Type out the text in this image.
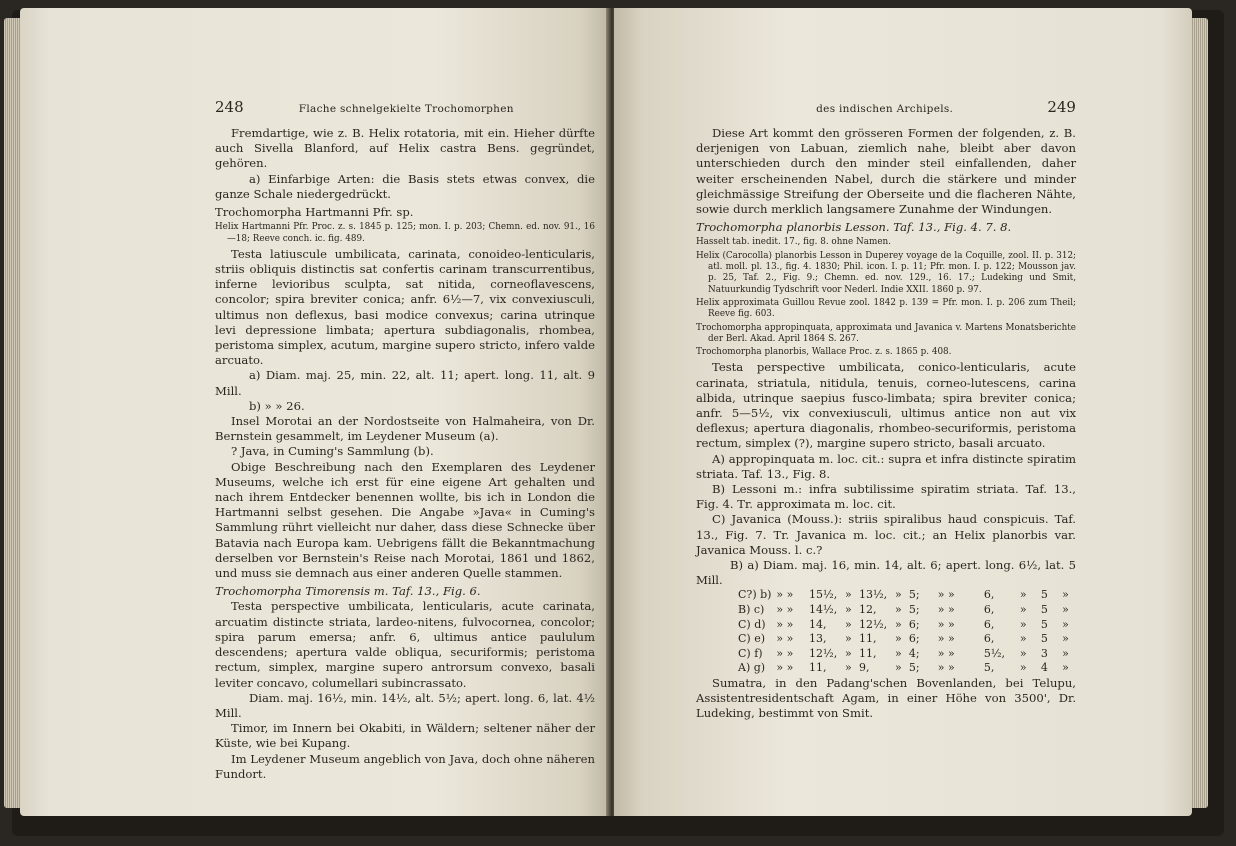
248	Flache schnelgekielte Trochomorphen

Fremdartige, wie z. B. Helix rotatoria, mit ein. Hieher dürfte auch Sivella Blanford, auf Helix castra Bens. gegründet, gehören.

a) Einfarbige Arten: die Basis stets etwas convex, die ganze Schale niedergedrückt.

Trochomorpha Hartmanni Pfr. sp.

Helix Hartmanni Pfr. Proc. z. s. 1845 p. 125; mon. I. p. 203; Chemn. ed. nov. 91., 16—18; Reeve conch. ic. fig. 489.

Testa latiuscule umbilicata, carinata, conoideo-lenticularis, striis obliquis distinctis sat confertis carinam transcurrentibus, inferne levioribus sculpta, sat nitida, corneoflavescens, concolor; spira breviter conica; anfr. 6½—7, vix convexiusculi, ultimus non deflexus, basi modice convexus; carina utrinque levi depressione limbata; apertura subdiagonalis, rhombea, peristoma simplex, acutum, margine supero stricto, infero valde arcuato.

a) Diam. maj. 25, min. 22, alt. 11; apert. long. 11, alt. 9 Mill.

b) » » 26.

Insel Morotai an der Nordostseite von Halmaheira, von Dr. Bernstein gesammelt, im Leydener Museum (a).

? Java, in Cuming's Sammlung (b).

Obige Beschreibung nach den Exemplaren des Leydener Museums, welche ich erst für eine eigene Art gehalten und nach ihrem Entdecker benennen wollte, bis ich in London die Hartmanni selbst gesehen. Die Angabe »Java« in Cuming's Sammlung rührt vielleicht nur daher, dass diese Schnecke über Batavia nach Europa kam. Uebrigens fällt die Bekanntmachung derselben vor Bernstein's Reise nach Morotai, 1861 und 1862, und muss sie demnach aus einer anderen Quelle stammen.

Trochomorpha Timorensis m. Taf. 13., Fig. 6.

Testa perspective umbilicata, lenticularis, acute carinata, arcuatim distincte striata, lardeo-nitens, fulvocornea, concolor; spira parum emersa; anfr. 6, ultimus antice paululum descendens; apertura valde obliqua, securiformis; peristoma rectum, simplex, margine supero antrorsum convexo, basali leviter concavo, columellari subincrassato.

Diam. maj. 16½, min. 14½, alt. 5½; apert. long. 6, lat. 4½ Mill.

Timor, im Innern bei Okabiti, in Wäldern; seltener näher der Küste, wie bei Kupang.

Im Leydener Museum angeblich von Java, doch ohne näheren Fundort.

des indischen Archipels.	249

Diese Art kommt den grösseren Formen der folgenden, z. B. derjenigen von Labuan, ziemlich nahe, bleibt aber davon unterschieden durch den minder steil einfallenden, daher weiter erscheinenden Nabel, durch die stärkere und minder gleichmässige Streifung der Oberseite und die flacheren Nähte, sowie durch merklich langsamere Zunahme der Windungen.

Trochomorpha planorbis Lesson. Taf. 13., Fig. 4. 7. 8.

Hasselt tab. inedit. 17., fig. 8. ohne Namen.

Helix (Carocolla) planorbis Lesson in Duperey voyage de la Coquille, zool. II. p. 312; atl. moll. pl. 13., fig. 4. 1830; Phil. icon. I. p. 11; Pfr. mon. I. p. 122; Mousson jav. p. 25, Taf. 2., Fig. 9.; Chemn. ed. nov. 129., 16. 17.; Ludeking und Smit, Natuurkundig Tydschrift voor Nederl. Indie XXII. 1860 p. 97.

Helix approximata Guillou Revue zool. 1842 p. 139 = Pfr. mon. I. p. 206 zum Theil; Reeve fig. 603.

Trochomorpha appropinquata, approximata und Javanica v. Martens Monatsberichte der Berl. Akad. April 1864 S. 267.

Trochomorpha planorbis, Wallace Proc. z. s. 1865 p. 408.

Testa perspective umbilicata, conico-lenticularis, acute carinata, striatula, nitidula, tenuis, corneo-lutescens, carina albida, utrinque saepius fusco-limbata; spira breviter conica; anfr. 5—5½, vix convexiusculi, ultimus antice non aut vix deflexus; apertura diagonalis, rhombeo-securiformis, peristoma rectum, simplex (?), margine supero stricto, basali arcuato.

A) appropinquata m. loc. cit.: supra et infra distincte spiratim striata. Taf. 13., Fig. 8.

B) Lessoni m.: infra subtilissime spiratim striata. Taf. 13., Fig. 4. Tr. approximata m. loc. cit.

C) Javanica (Mouss.): striis spiralibus haud conspicuis. Taf. 13., Fig. 7. Tr. Javanica m. loc. cit.; an Helix planorbis var. Javanica Mouss. l. c.?

B) a) Diam. maj. 16, min. 14, alt. 6; apert. long. 6½, lat. 5 Mill.

C?) b) » »	15½, » 13½, » 5;	» »	6,	»	5	»
B) c)	» »	14½, » 12,	» 5;	» »	6,	»	5	»
C) d) » »	14,	» 12½, » 6;	» »	6,	»	5	»
C) e)	» »	13,	» 11,	» 6;	» »	6,	»	5	»
C) f)	» »	12½, » 11,	» 4;	» »	5½,	»	3	»
A) g)	» »	11,	» 9,	» 5;	» »	5,	»	4	»

Sumatra, in den Padang'schen Bovenlanden, bei Telupu, Assistentresidentschaft Agam, in einer Höhe von 3500', Dr. Ludeking, bestimmt von Smit.
